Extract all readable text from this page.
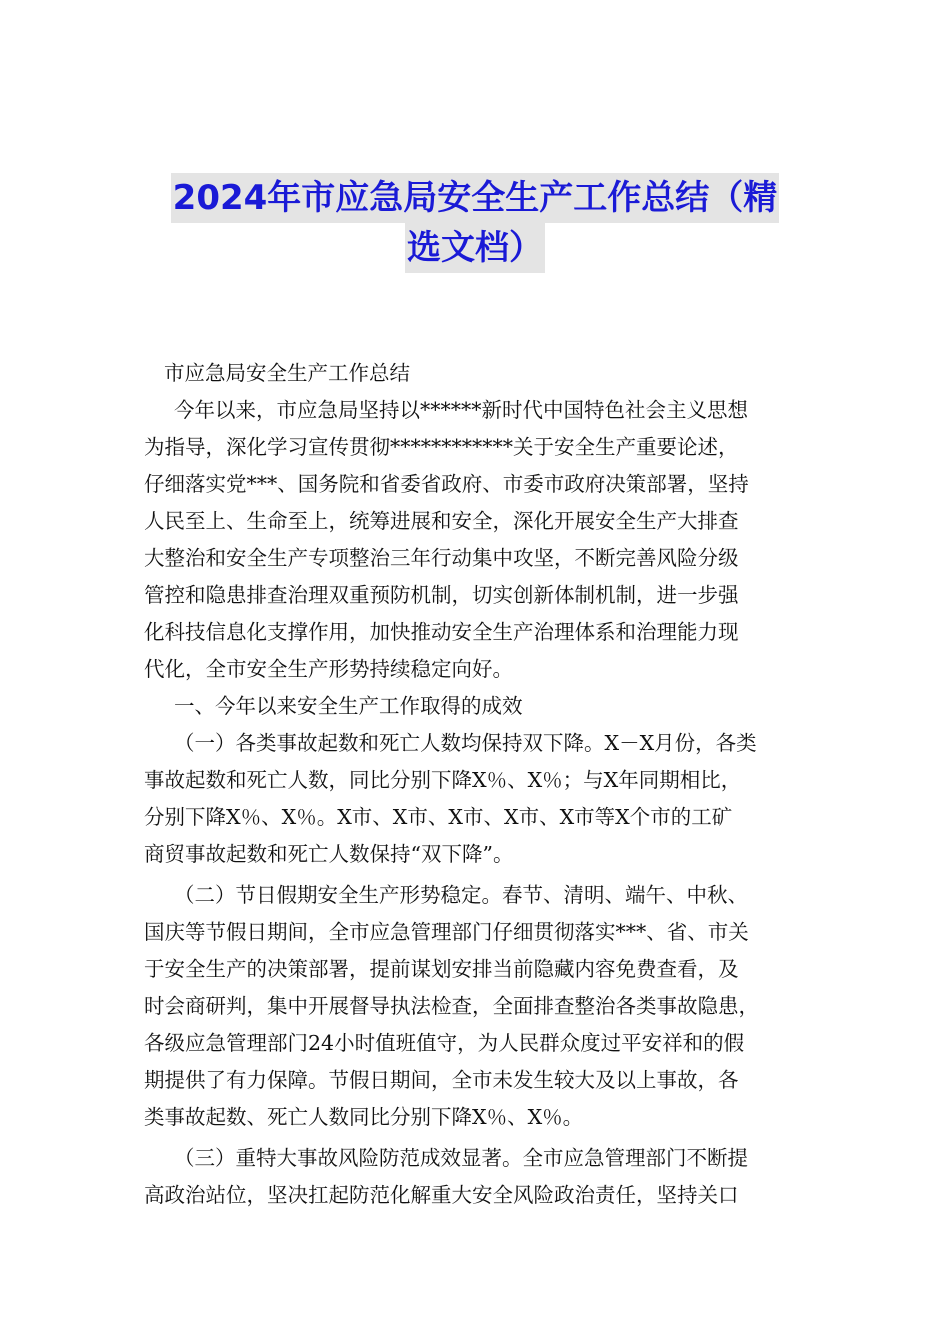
2024年市应急局安全生产工作总结（精
选文档）
市应急局安全生产工作总结
今年以来，市应急局坚持以******新时代中国特色社会主义思想
为指导，深化学习宣传贯彻************关于安全生产重要论述，
仔细落实党***、国务院和省委省政府、市委市政府决策部署，坚持
人民至上、生命至上，统筹进展和安全，深化开展安全生产大排查
大整治和安全生产专项整治三年行动集中攻坚，不断完善风险分级
管控和隐患排查治理双重预防机制，切实创新体制机制，进一步强
化科技信息化支撑作用，加快推动安全生产治理体系和治理能力现
代化，全市安全生产形势持续稳定向好。
一、今年以来安全生产工作取得的成效
（一）各类事故起数和死亡人数均保持双下降。X－X月份，各类
事故起数和死亡人数，同比分别下降X％、X％；与X年同期相比，
分别下降X％、X％。X市、X市、X市、X市、X市等X个市的工矿
商贸事故起数和死亡人数保持“双下降”。
（二）节日假期安全生产形势稳定。春节、清明、端午、中秋、
国庆等节假日期间，全市应急管理部门仔细贯彻落实***、省、市关
于安全生产的决策部署，提前谋划安排当前隐藏内容免费查看，及
时会商研判，集中开展督导执法检查，全面排查整治各类事故隐患，
各级应急管理部门24小时值班值守，为人民群众度过平安祥和的假
期提供了有力保障。节假日期间，全市未发生较大及以上事故，各
类事故起数、死亡人数同比分别下降X％、X％。
（三）重特大事故风险防范成效显著。全市应急管理部门不断提
高政治站位，坚决扛起防范化解重大安全风险政治责任，坚持关口
